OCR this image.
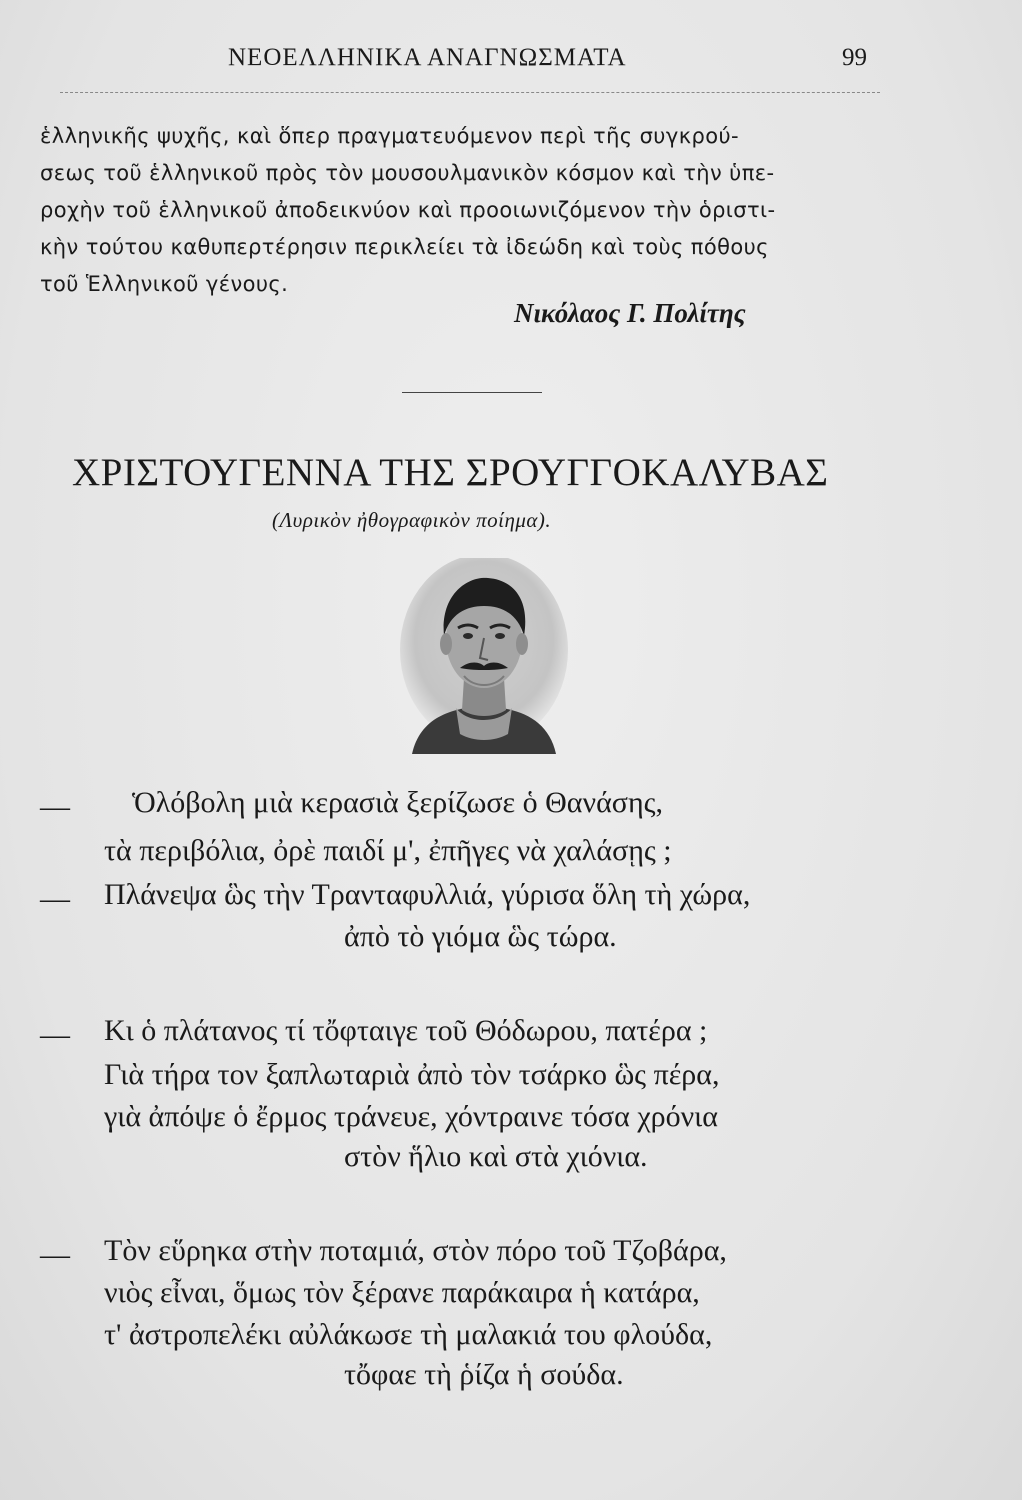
ΝΕΟΕΛΛΗΝΙΚΑ ΑΝΑΓΝΩΣΜΑΤΑ	99
ἑλληνικῆς ψυχῆς, καὶ ὅπερ πραγματευόμενον περὶ τῆς συγκρού-
σεως τοῦ ἑλληνικοῦ πρὸς τὸν μουσουλμανικὸν κόσμον καὶ τὴν ὑπε-
ροχὴν τοῦ ἑλληνικοῦ ἀποδεικνύον καὶ προοιωνιζόμενον τὴν ὁριστι-
κὴν τούτου καθυπερτέρησιν περικλείει τὰ ἰδεώδη καὶ τοὺς πόθους
τοῦ Ἑλληνικοῦ γένους.
Νικόλαος Γ. Πολίτης
ΧΡΙΣΤΟΥΓΕΝΝΑ ΤΗΣ ΣΡΟΥΓΓΟΚΑΛΥΒΑΣ
(Λυρικὸν ἠθογραφικὸν ποίημα).
— Ὁλόβολη μιὰ κερασιὰ ξερίζωσε ὁ Θανάσης,
τὰ περιβόλια, ὀρὲ παιδί μ', ἐπῆγες νὰ χαλάσῃς ;
— Πλάνεψα ὣς τὴν Τρανταφυλλιά, γύρισα ὅλη τὴ χώρα,
ἀπὸ τὸ γιόμα ὣς τώρα.
— Κι ὁ πλάτανος τί τὄφταιγε τοῦ Θόδωρου, πατέρα ;
Γιὰ τήρα τον ξαπλωταριὰ ἀπὸ τὸν τσάρκο ὣς πέρα,
γιὰ ἀπόψε ὁ ἔρμος τράνευε, χόντραινε τόσα χρόνια
στὸν ἥλιο καὶ στὰ χιόνια.
— Τὸν εὕρηκα στὴν ποταμιά, στὸν πόρο τοῦ Τζοβάρα,
νιὸς εἶναι, ὅμως τὸν ξέρανε παράκαιρα ἡ κατάρα,
τ' ἀστροπελέκι αὐλάκωσε τὴ μαλακιά του φλούδα,
τὄφαε τὴ ῥίζα ἡ σούδα.
